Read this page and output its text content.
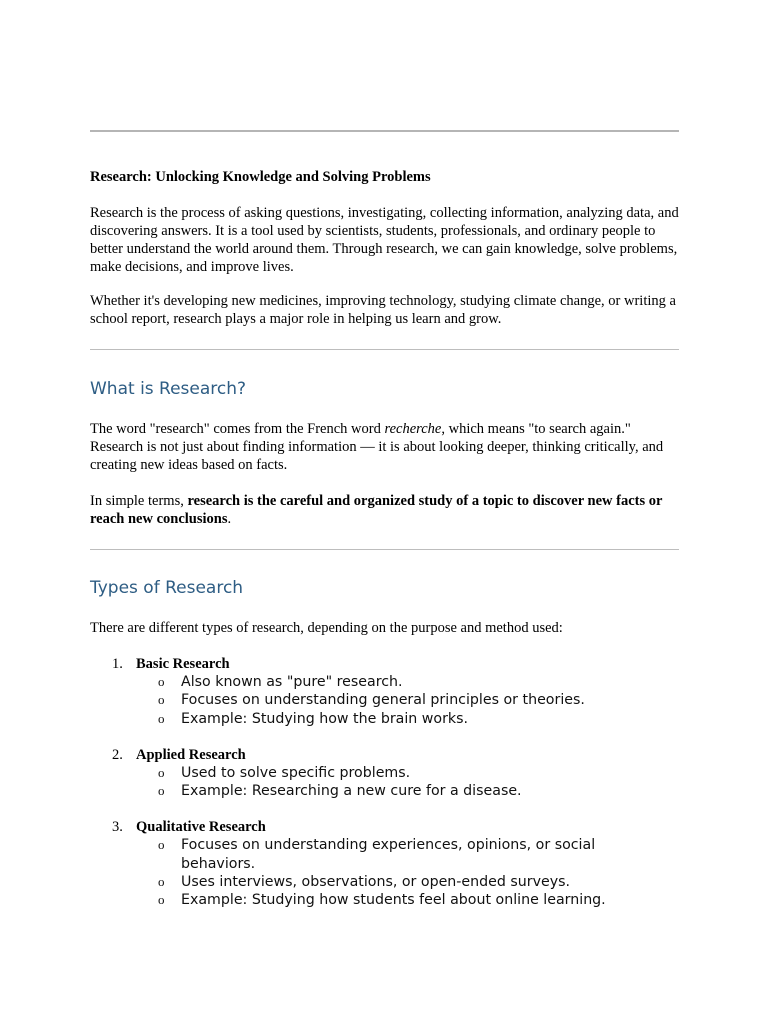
Research: Unlocking Knowledge and Solving Problems

Research is the process of asking questions, investigating, collecting information, analyzing data, and discovering answers. It is a tool used by scientists, students, professionals, and ordinary people to better understand the world around them. Through research, we can gain knowledge, solve problems, make decisions, and improve lives.

Whether it's developing new medicines, improving technology, studying climate change, or writing a school report, research plays a major role in helping us learn and grow.

What is Research?

The word "research" comes from the French word recherche, which means "to search again." Research is not just about finding information — it is about looking deeper, thinking critically, and creating new ideas based on facts.

In simple terms, research is the careful and organized study of a topic to discover new facts or reach new conclusions.

Types of Research

There are different types of research, depending on the purpose and method used:

1. Basic Research
o Also known as "pure" research.
o Focuses on understanding general principles or theories.
o Example: Studying how the brain works.
2. Applied Research
o Used to solve specific problems.
o Example: Researching a new cure for a disease.
3. Qualitative Research
o Focuses on understanding experiences, opinions, or social behaviors.
o Uses interviews, observations, or open-ended surveys.
o Example: Studying how students feel about online learning.
